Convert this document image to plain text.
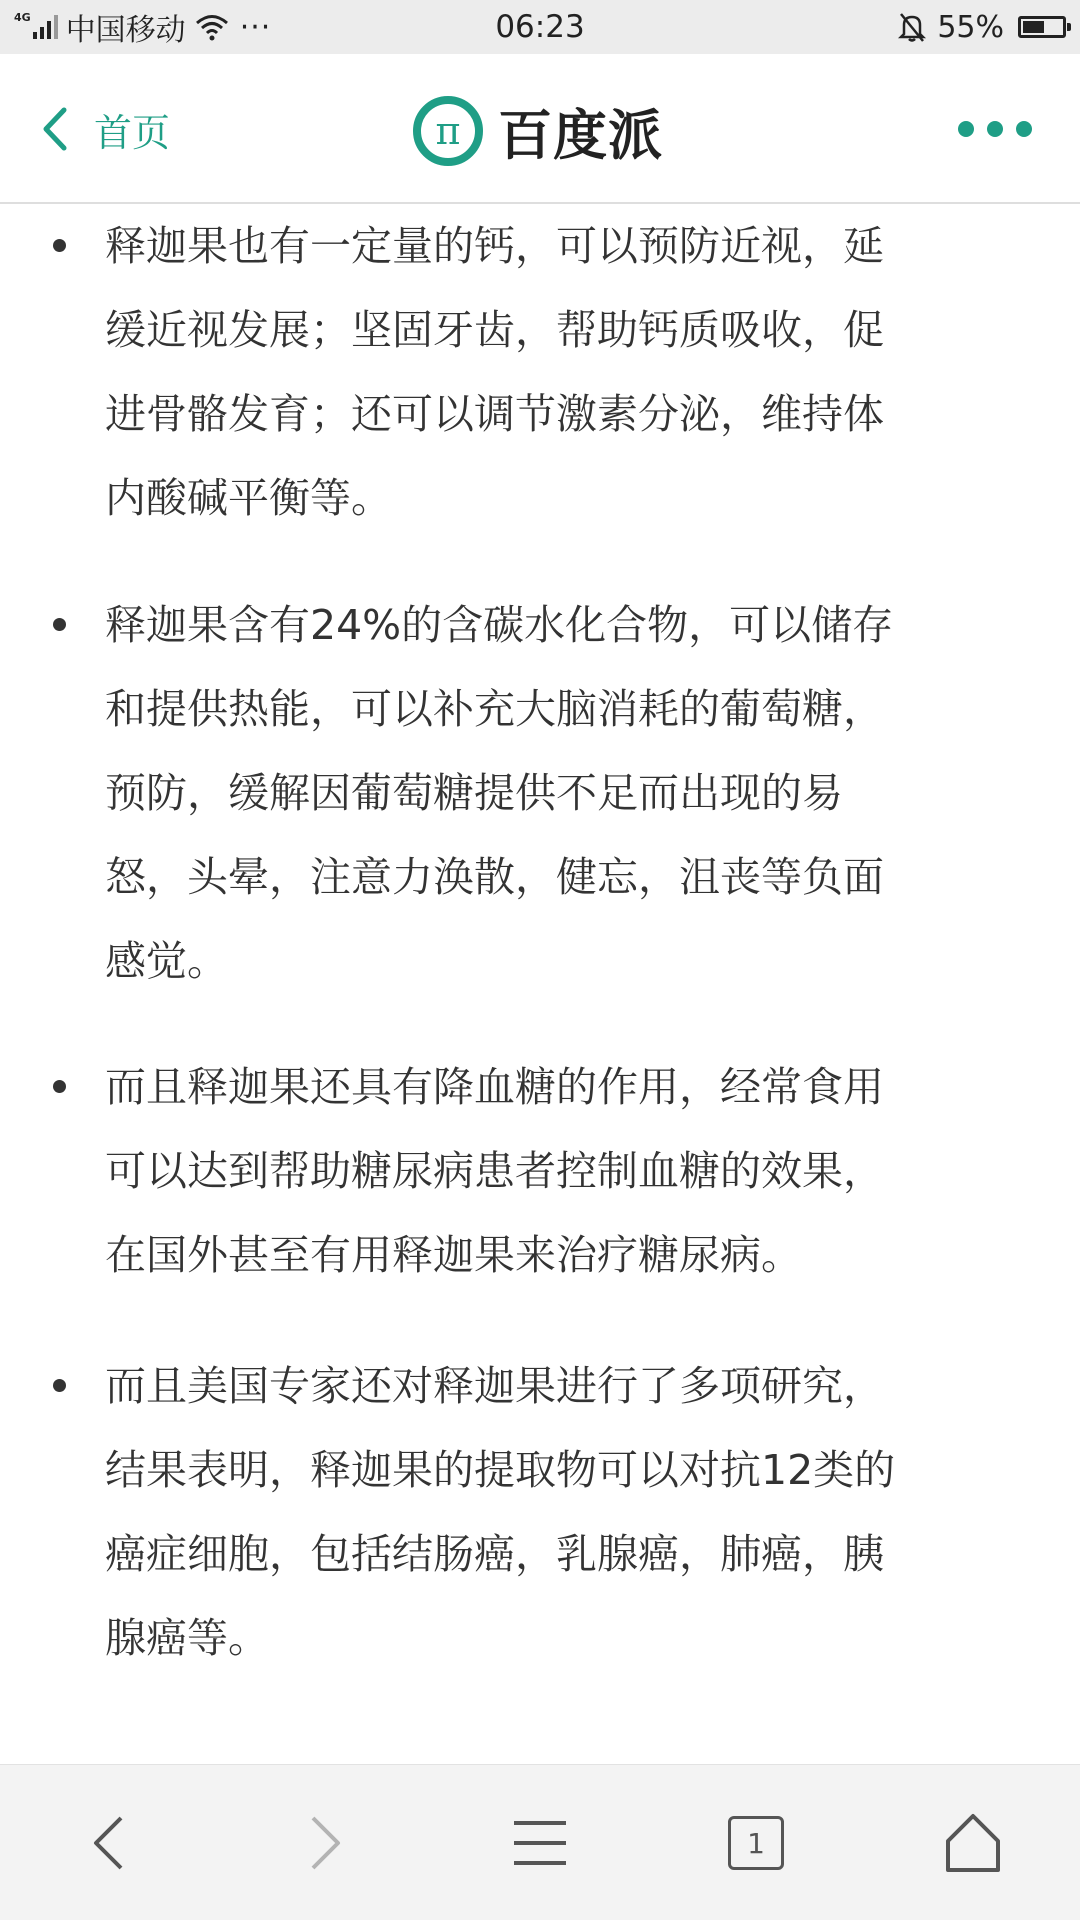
4G 中国移动 ···	06:23	55%
首页	π 百度派
释迦果也有一定量的钙，可以预防近视，延
缓近视发展；坚固牙齿，帮助钙质吸收，促
进骨骼发育；还可以调节激素分泌，维持体
内酸碱平衡等。
释迦果含有24%的含碳水化合物，可以储存
和提供热能，可以补充大脑消耗的葡萄糖，
预防，缓解因葡萄糖提供不足而出现的易
怒，头晕，注意力涣散，健忘，沮丧等负面
感觉。
而且释迦果还具有降血糖的作用，经常食用
可以达到帮助糖尿病患者控制血糖的效果，
在国外甚至有用释迦果来治疗糖尿病。
而且美国专家还对释迦果进行了多项研究，
结果表明，释迦果的提取物可以对抗12类的
癌症细胞，包括结肠癌，乳腺癌，肺癌，胰
腺癌等。
1
